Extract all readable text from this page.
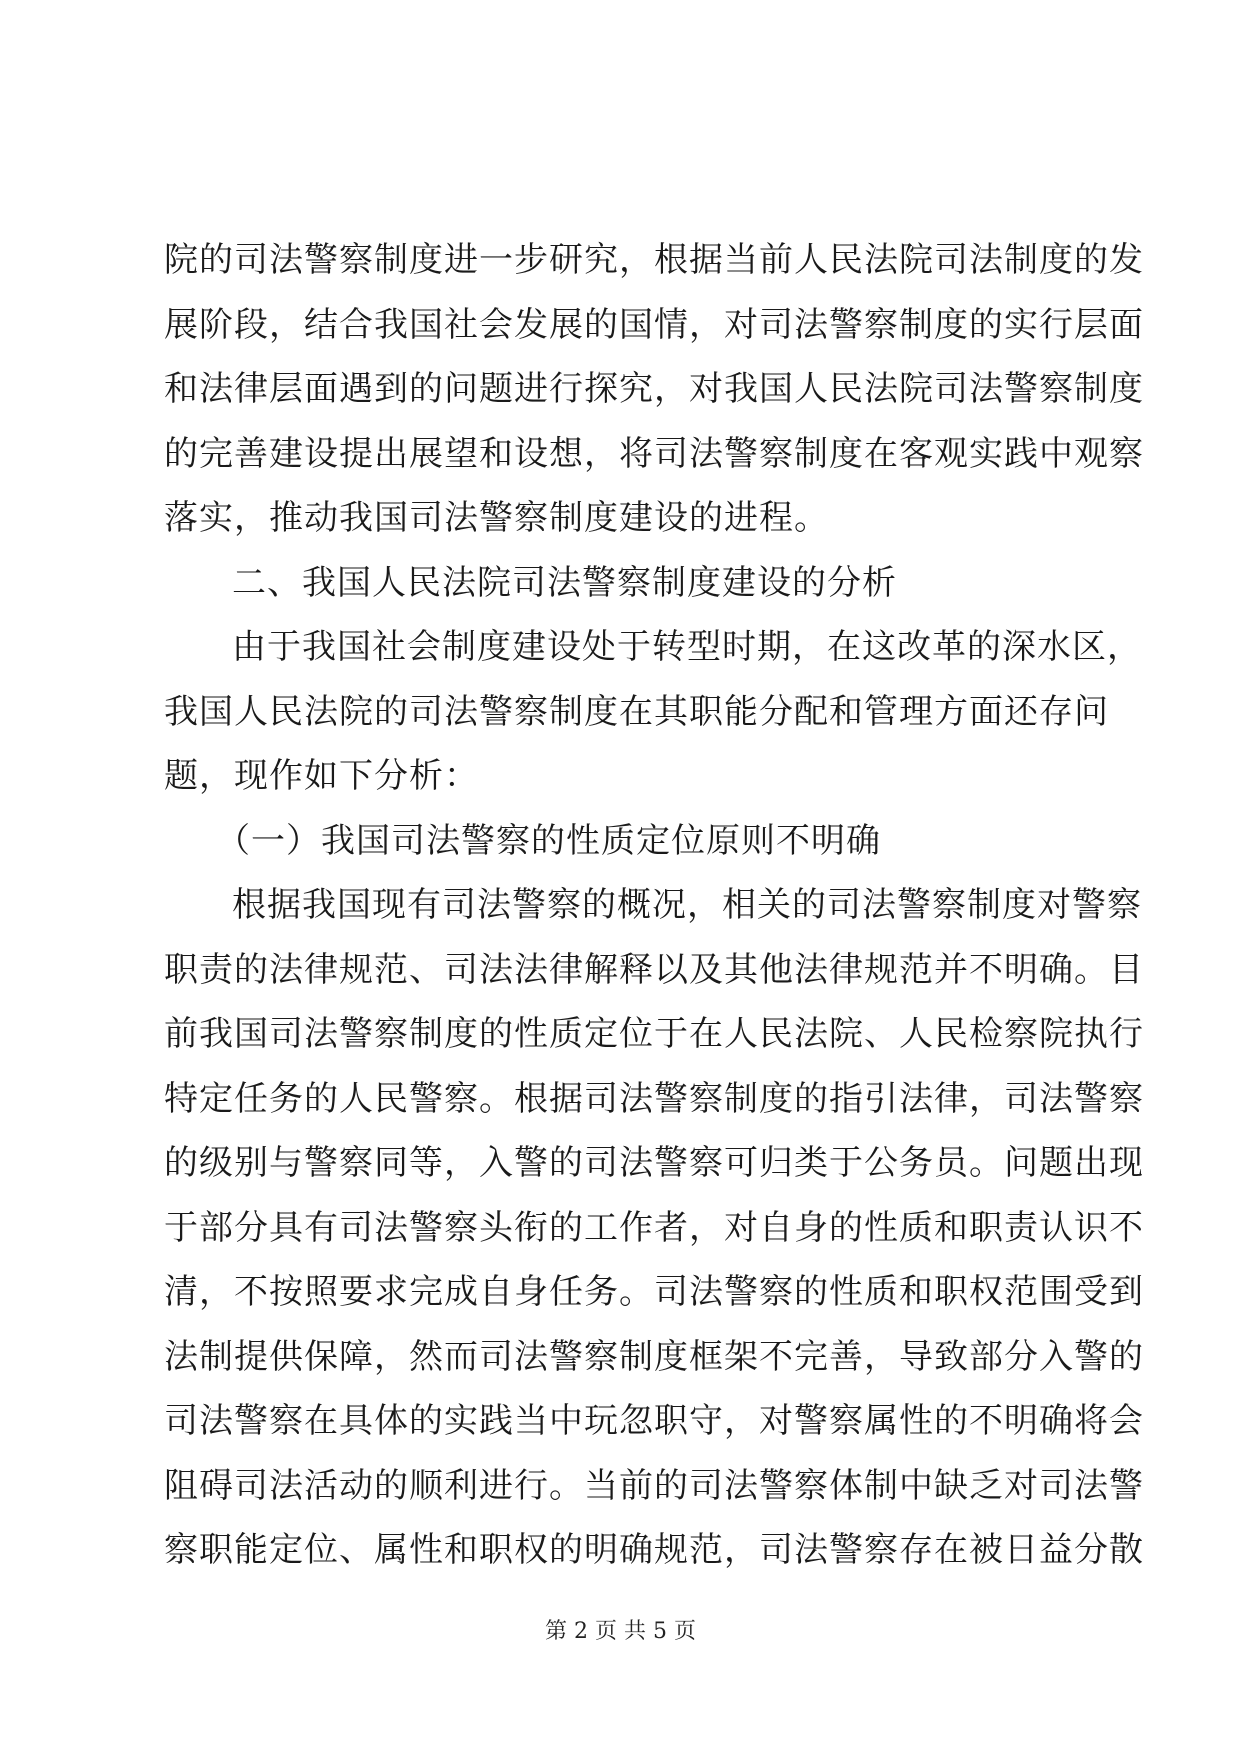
院的司法警察制度进一步研究，根据当前人民法院司法制度的发
展阶段，结合我国社会发展的国情，对司法警察制度的实行层面
和法律层面遇到的问题进行探究，对我国人民法院司法警察制度
的完善建设提出展望和设想，将司法警察制度在客观实践中观察
落实，推动我国司法警察制度建设的进程。
二、我国人民法院司法警察制度建设的分析
由于我国社会制度建设处于转型时期，在这改革的深水区，
我国人民法院的司法警察制度在其职能分配和管理方面还存问
题，现作如下分析：
（一）我国司法警察的性质定位原则不明确
根据我国现有司法警察的概况，相关的司法警察制度对警察
职责的法律规范、司法法律解释以及其他法律规范并不明确。目
前我国司法警察制度的性质定位于在人民法院、人民检察院执行
特定任务的人民警察。根据司法警察制度的指引法律，司法警察
的级别与警察同等，入警的司法警察可归类于公务员。问题出现
于部分具有司法警察头衔的工作者，对自身的性质和职责认识不
清，不按照要求完成自身任务。司法警察的性质和职权范围受到
法制提供保障，然而司法警察制度框架不完善，导致部分入警的
司法警察在具体的实践当中玩忽职守，对警察属性的不明确将会
阻碍司法活动的顺利进行。当前的司法警察体制中缺乏对司法警
察职能定位、属性和职权的明确规范，司法警察存在被日益分散
第 2 页 共 5 页
